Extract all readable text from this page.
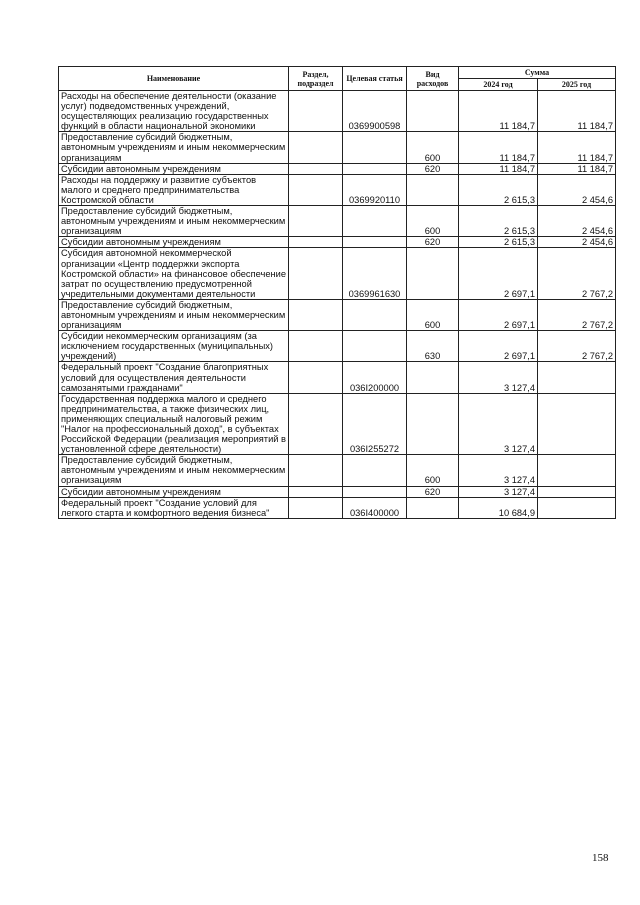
Наименование	Раздел, подраздел	Целевая статья	Вид расходов	Сумма	
				2024 год	2025 год
Расходы на обеспечение деятельности (оказание услуг) подведомственных учреждений, осуществляющих реализацию государственных функций в области национальной экономики		0369900598		11 184,7	11 184,7
Предоставление субсидий бюджетным, автономным учреждениям и иным некоммерческим организациям			600	11 184,7	11 184,7
Субсидии автономным учреждениям			620	11 184,7	11 184,7
Расходы на поддержку и развитие субъектов малого и среднего предпринимательства Костромской области		0369920110		2 615,3	2 454,6
Предоставление субсидий бюджетным, автономным учреждениям и иным некоммерческим организациям			600	2 615,3	2 454,6
Субсидии автономным учреждениям			620	2 615,3	2 454,6
Субсидия автономной некоммерческой организации «Центр поддержки экспорта Костромской области» на финансовое обеспечение затрат по осуществлению предусмотренной учредительными документами деятельности		0369961630		2 697,1	2 767,2
Предоставление субсидий бюджетным, автономным учреждениям и иным некоммерческим организациям			600	2 697,1	2 767,2
Субсидии некоммерческим организациям (за исключением государственных (муниципальных) учреждений)			630	2 697,1	2 767,2
Федеральный проект "Создание благоприятных условий для осуществления деятельности самозанятыми гражданами"		036I200000		3 127,4	
Государственная поддержка малого и среднего предпринимательства, а также физических лиц, применяющих специальный налоговый режим "Налог на профессиональный доход", в субъектах Российской Федерации (реализация мероприятий в установленной сфере деятельности)		036I255272		3 127,4	
Предоставление субсидий бюджетным, автономным учреждениям и иным некоммерческим организациям			600	3 127,4	
Субсидии автономным учреждениям			620	3 127,4	
Федеральный проект "Создание условий для легкого старта и комфортного ведения бизнеса"		036I400000		10 684,9	
158
